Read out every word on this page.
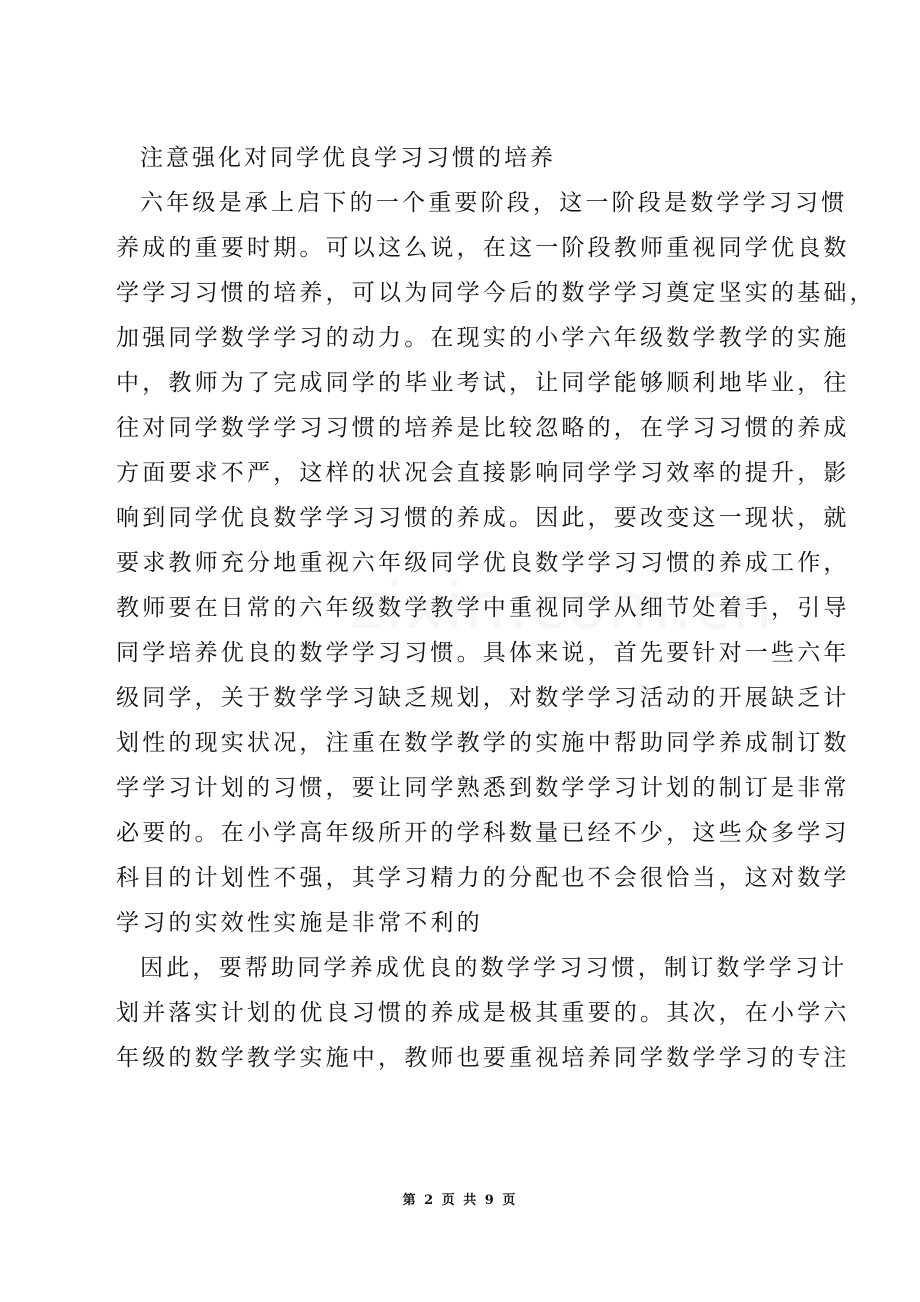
注意强化对同学优良学习习惯的培养
六年级是承上启下的一个重要阶段，这一阶段是数学学习习惯
养成的重要时期。可以这么说，在这一阶段教师重视同学优良数
学学习习惯的培养，可以为同学今后的数学学习奠定坚实的基础，
加强同学数学学习的动力。在现实的小学六年级数学教学的实施
中，教师为了完成同学的毕业考试，让同学能够顺利地毕业，往
往对同学数学学习习惯的培养是比较忽略的，在学习习惯的养成
方面要求不严，这样的状况会直接影响同学学习效率的提升，影
响到同学优良数学学习习惯的养成。因此，要改变这一现状，就
要求教师充分地重视六年级同学优良数学学习习惯的养成工作，
教师要在日常的六年级数学教学中重视同学从细节处着手，引导
同学培养优良的数学学习习惯。具体来说，首先要针对一些六年
级同学，关于数学学习缺乏规划，对数学学习活动的开展缺乏计
划性的现实状况，注重在数学教学的实施中帮助同学养成制订数
学学习计划的习惯，要让同学熟悉到数学学习计划的制订是非常
必要的。在小学高年级所开的学科数量已经不少，这些众多学习
科目的计划性不强，其学习精力的分配也不会很恰当，这对数学
学习的实效性实施是非常不利的
因此，要帮助同学养成优良的数学学习习惯，制订数学学习计
划并落实计划的优良习惯的养成是极其重要的。其次，在小学六
年级的数学教学实施中，教师也要重视培养同学数学学习的专注
第 2 页 共 9 页
